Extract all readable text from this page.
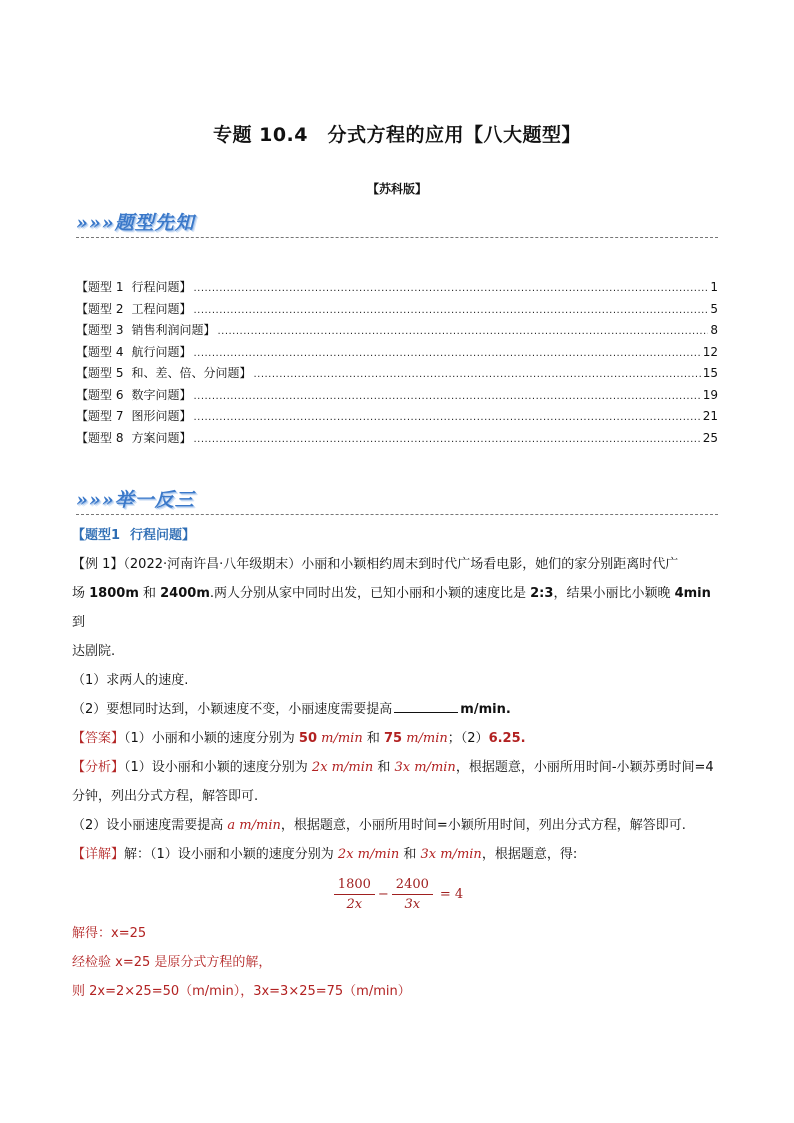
专题 10.4　分式方程的应用【八大题型】
【苏科版】
»»»题型先知
【题型 1 行程问题】 .....	1
【题型 2 工程问题】 .....	5
【题型 3 销售利润问题】 .....	8
【题型 4 航行问题】 .....	12
【题型 5 和、差、倍、分问题】 .....	15
【题型 6 数字问题】 .....	19
【题型 7 图形问题】 .....	21
【题型 8 方案问题】 .....	25
»»»举一反三
【题型1 行程问题】

【例 1】（2022·河南许昌·八年级期末）小丽和小颖相约周末到时代广场看电影，她们的家分别距离时代广

场 1800m 和 2400m.两人分别从家中同时出发，已知小丽和小颖的速度比是 2:3，结果小丽比小颖晚 4min 到

达剧院.

（1）求两人的速度.

（2）要想同时达到，小颖速度不变，小丽速度需要提高	m/min.

【答案】（1）小丽和小颖的速度分别为 50 m/min 和 75 m/min；（2）6.25.

【分析】（1）设小丽和小颖的速度分别为 2x m/min 和 3x m/min，根据题意，小丽所用时间-小颖苏勇时间=4

分钟，列出分式方程，解答即可.

（2）设小丽速度需要提高 a m/min，根据题意，小丽所用时间=小颖所用时间，列出分式方程，解答即可.

【详解】解：（1）设小丽和小颖的速度分别为 2x m/min 和 3x m/min，根据题意，得:

$\frac{1800}{2x} - \frac{2400}{3x} = 4$

解得：x=25

经检验 x=25 是原分式方程的解，

则 2x=2×25=50（m/min），3x=3×25=75（m/min）
